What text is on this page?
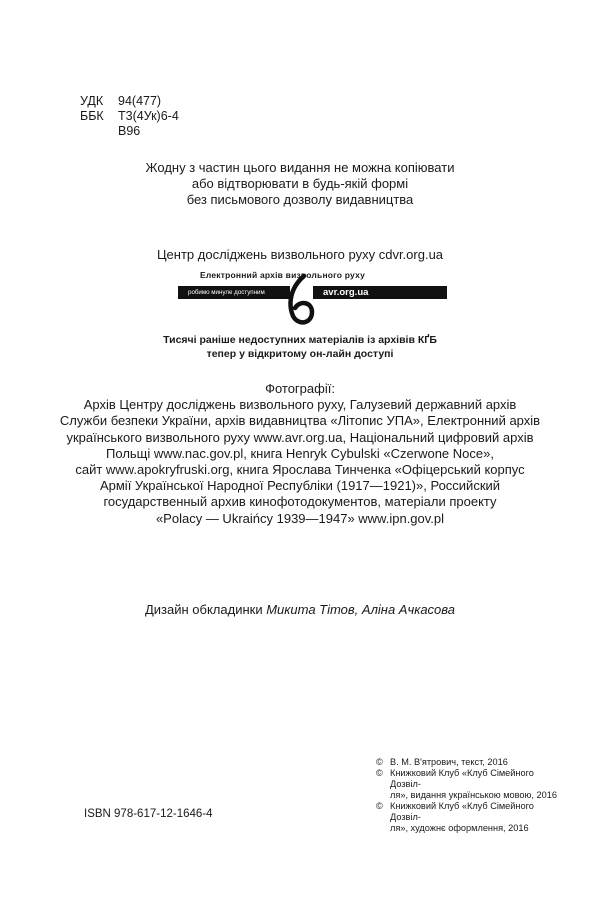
УДК	94(477)
ББК	Т3(4Ук)6-4
В96
Жодну з частин цього видання не можна копіювати
або відтворювати в будь-якій формі
без письмового дозволу видавництва
Центр досліджень визвольного руху cdvr.org.ua
Електронний архів визвольного руху
робимо минуле доступним	avr.org.ua
Тисячі раніше недоступних матеріалів із архівів КҐБ
тепер у відкритому он-лайн доступі
Фотографії:
Архів Центру досліджень визвольного руху, Галузевий державний архів
Служби безпеки України, архів видавництва «Літопис УПА», Електронний архів
українського визвольного руху www.avr.org.ua, Національний цифровий архів
Польщі www.nac.gov.pl, книга Henryk Cybulski «Czerwone Noce»,
сайт www.apokryfruski.org, книга Ярослава Тинченка «Офіцерський корпус
Армії Української Народної Республіки (1917—1921)», Российский
государственный архив кинофотодокументов, матеріали проекту
«Polacy — Ukraińcy 1939—1947» www.ipn.gov.pl
Дизайн обкладинки Микита Тітов, Аліна Ачкасова
© В. М. В'ятрович, текст, 2016
© Книжковий Клуб «Клуб Сімейного Дозвіл-
ля», видання українською мовою, 2016
© Книжковий Клуб «Клуб Сімейного Дозвіл-
ля», художнє оформлення, 2016
ISBN 978-617-12-1646-4
